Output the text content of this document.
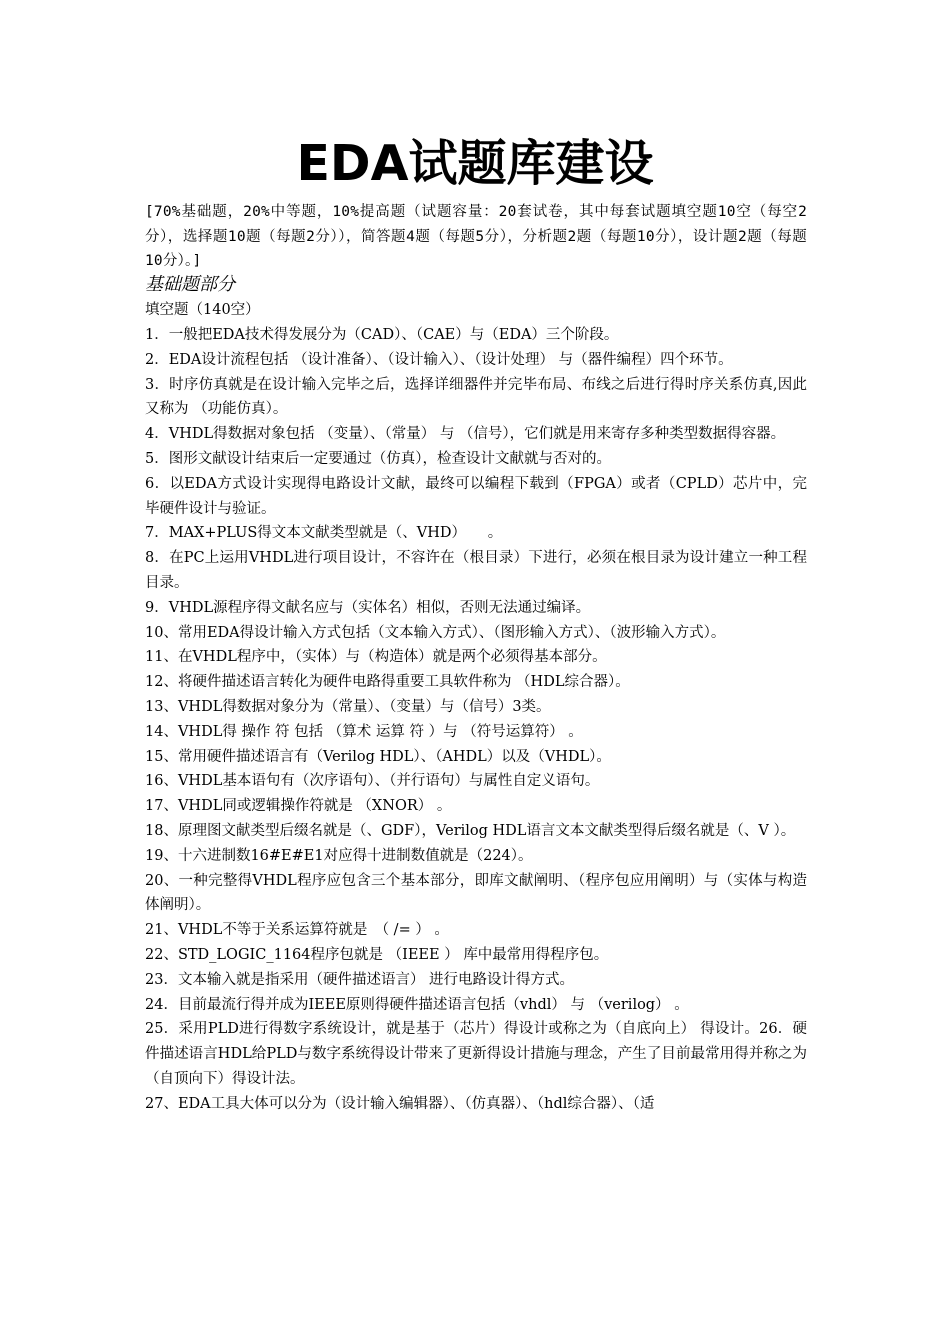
EDA试题库建设
[70%基础题，20%中等题，10%提高题（试题容量：20套试卷，其中每套试题填空题10空（每空2分），选择题10题（每题2分）），简答题4题（每题5分），分析题2题（每题10分），设计题2题（每题10分）。]
基础题部分
填空题（140空）

1．一般把EDA技术得发展分为（CAD）、（CAE）与（EDA）三个阶段。

2．EDA设计流程包括 （设计准备）、（设计输入）、（设计处理） 与（器件编程）四个环节。

3．时序仿真就是在设计输入完毕之后，选择详细器件并完毕布局、布线之后进行得时序关系仿真,因此又称为 （功能仿真）。

4．VHDL得数据对象包括 （变量）、（常量） 与 （信号），它们就是用来寄存多种类型数据得容器。

5．图形文献设计结束后一定要通过（仿真），检查设计文献就与否对的。

6．以EDA方式设计实现得电路设计文献，最终可以编程下载到（FPGA）或者（CPLD）芯片中，完毕硬件设计与验证。

7．MAX+PLUS得文本文献类型就是（、VHD）　　。

8．在PC上运用VHDL进行项目设计，不容许在（根目录）下进行，必须在根目录为设计建立一种工程目录。

9．VHDL源程序得文献名应与（实体名）相似，否则无法通过编译。

10、常用EDA得设计输入方式包括（文本输入方式）、（图形输入方式）、（波形输入方式）。

11、在VHDL程序中，（实体）与（构造体）就是两个必须得基本部分。

12、将硬件描述语言转化为硬件电路得重要工具软件称为 （HDL综合器）。

13、VHDL得数据对象分为（常量）、（变量）与（信号）3类。

14、VHDL得 操作 符 包括 （算术 运算 符 ）与 （符号运算符） 。

15、常用硬件描述语言有（Verilog HDL）、（AHDL）以及（VHDL）。

16、VHDL基本语句有（次序语句）、（并行语句）与属性自定义语句。

17、VHDL同或逻辑操作符就是 （XNOR） 。

18、原理图文献类型后缀名就是（、GDF），Verilog HDL语言文本文献类型得后缀名就是（、V ）。

19、十六进制数16#E#E1对应得十进制数值就是（224）。

20、一种完整得VHDL程序应包含三个基本部分，即库文献阐明、（程序包应用阐明）与（实体与构造体阐明）。

21、VHDL不等于关系运算符就是　（ /= ） 。

22、STD_LOGIC_1164程序包就是 （IEEE ） 库中最常用得程序包。

23．文本输入就是指采用（硬件描述语言） 进行电路设计得方式。

24．目前最流行得并成为IEEE原则得硬件描述语言包括（vhdl） 与 （verilog） 。

25．采用PLD进行得数字系统设计，就是基于（芯片）得设计或称之为（自底向上） 得设计。26．硬件描述语言HDL给PLD与数字系统得设计带来了更新得设计措施与理念，产生了目前最常用得并称之为（自顶向下）得设计法。

27、EDA工具大体可以分为（设计输入编辑器）、（仿真器）、（hdl综合器）、（适
